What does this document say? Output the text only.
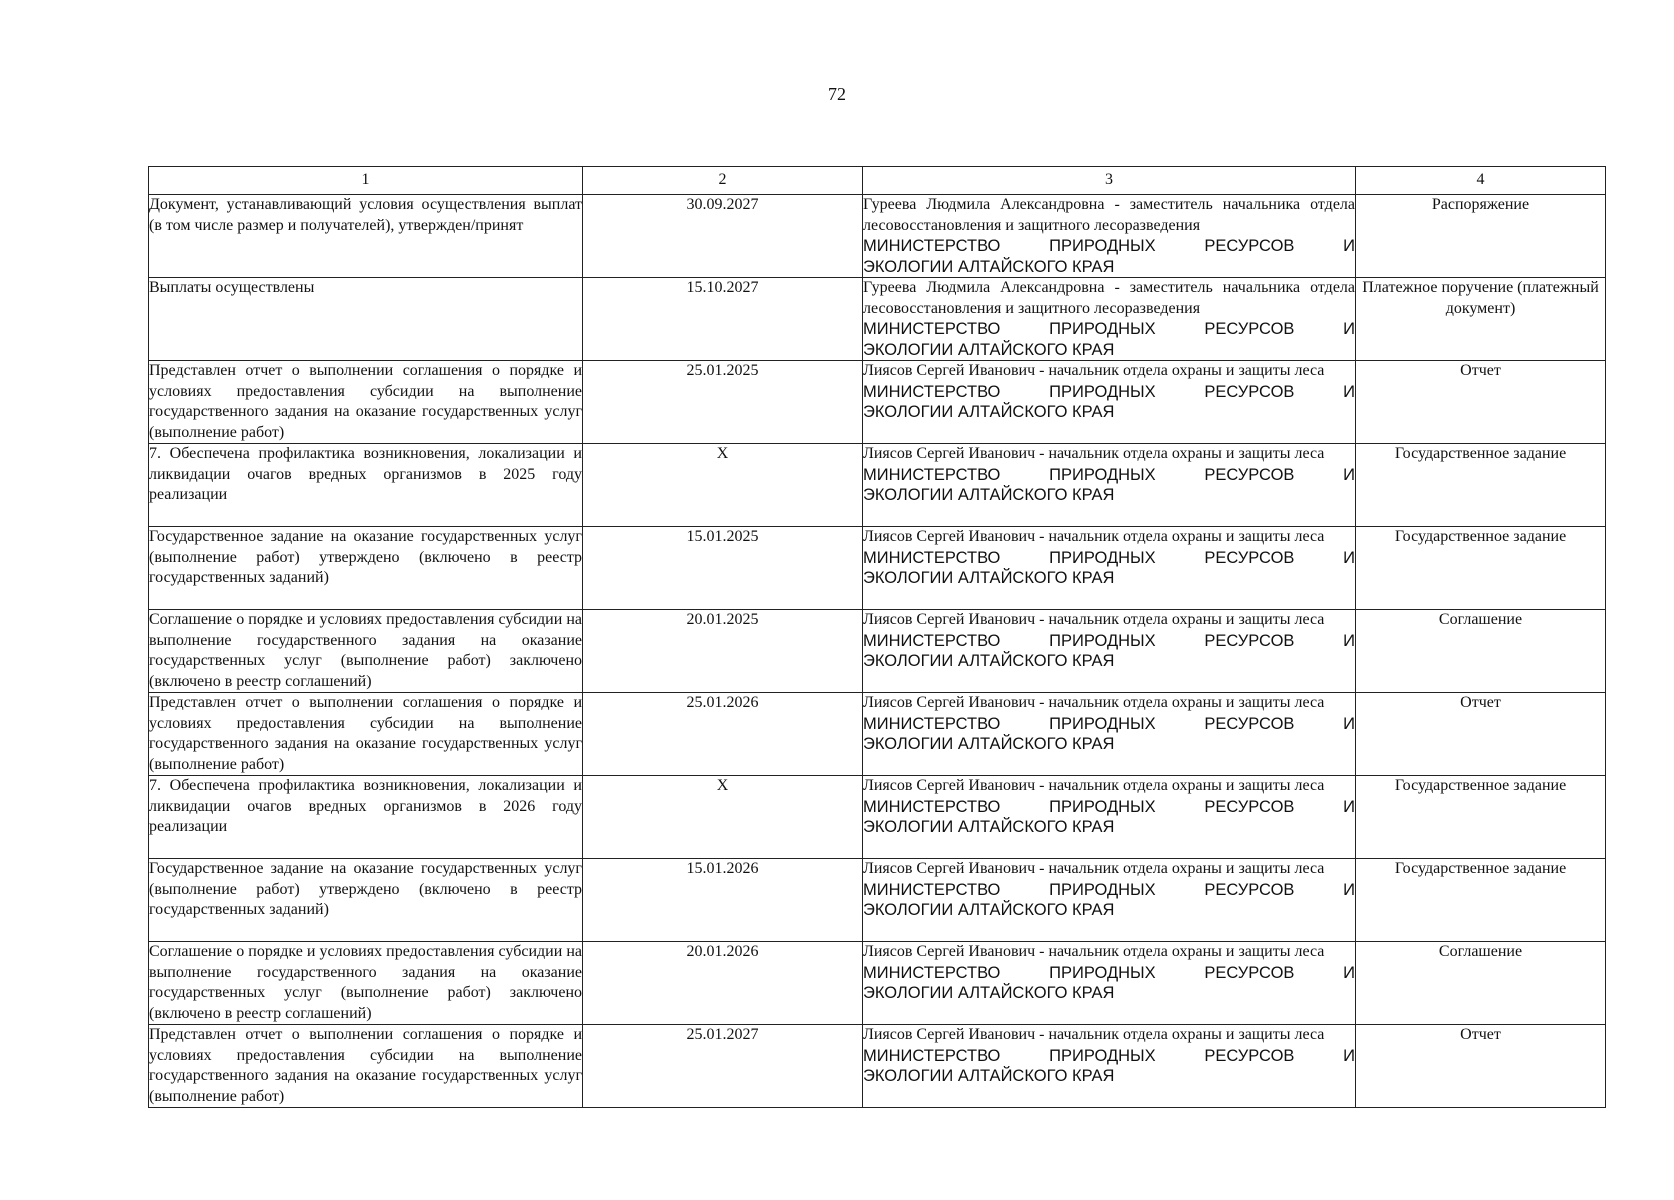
72
1	2	3	4
Документ, устанавливающий условия осуществления выплат (в том числе размер и получателей), утвержден/принят	30.09.2027	Гуреева Людмила Александровна - заместитель начальника отдела лесовосстановления и защитного лесоразведения
МИНИСТЕРСТВО ПРИРОДНЫХ РЕСУРСОВ И
ЭКОЛОГИИ АЛТАЙСКОГО КРАЯ	Распоряжение
Выплаты осуществлены	15.10.2027	Гуреева Людмила Александровна - заместитель начальника отдела лесовосстановления и защитного лесоразведения
МИНИСТЕРСТВО ПРИРОДНЫХ РЕСУРСОВ И
ЭКОЛОГИИ АЛТАЙСКОГО КРАЯ	Платежное поручение (платежный документ)
Представлен отчет о выполнении соглашения о порядке и условиях предоставления субсидии на выполнение государственного задания на оказание государственных услуг (выполнение работ)	25.01.2025	Лиясов Сергей Иванович - начальник отдела охраны и защиты леса
МИНИСТЕРСТВО ПРИРОДНЫХ РЕСУРСОВ И
ЭКОЛОГИИ АЛТАЙСКОГО КРАЯ	Отчет
7. Обеспечена профилактика возникновения, локализации и ликвидации очагов вредных организмов в 2025 году реализации	X	Лиясов Сергей Иванович - начальник отдела охраны и защиты леса
МИНИСТЕРСТВО ПРИРОДНЫХ РЕСУРСОВ И
ЭКОЛОГИИ АЛТАЙСКОГО КРАЯ	Государственное задание
Государственное задание на оказание государственных услуг (выполнение работ) утверждено (включено в реестр государственных заданий)	15.01.2025	Лиясов Сергей Иванович - начальник отдела охраны и защиты леса
МИНИСТЕРСТВО ПРИРОДНЫХ РЕСУРСОВ И
ЭКОЛОГИИ АЛТАЙСКОГО КРАЯ	Государственное задание
Соглашение о порядке и условиях предоставления субсидии на выполнение государственного задания на оказание государственных услуг (выполнение работ) заключено (включено в реестр соглашений)	20.01.2025	Лиясов Сергей Иванович - начальник отдела охраны и защиты леса
МИНИСТЕРСТВО ПРИРОДНЫХ РЕСУРСОВ И
ЭКОЛОГИИ АЛТАЙСКОГО КРАЯ	Соглашение
Представлен отчет о выполнении соглашения о порядке и условиях предоставления субсидии на выполнение государственного задания на оказание государственных услуг (выполнение работ)	25.01.2026	Лиясов Сергей Иванович - начальник отдела охраны и защиты леса
МИНИСТЕРСТВО ПРИРОДНЫХ РЕСУРСОВ И
ЭКОЛОГИИ АЛТАЙСКОГО КРАЯ	Отчет
7. Обеспечена профилактика возникновения, локализации и ликвидации очагов вредных организмов в 2026 году реализации	X	Лиясов Сергей Иванович - начальник отдела охраны и защиты леса
МИНИСТЕРСТВО ПРИРОДНЫХ РЕСУРСОВ И
ЭКОЛОГИИ АЛТАЙСКОГО КРАЯ	Государственное задание
Государственное задание на оказание государственных услуг (выполнение работ) утверждено (включено в реестр государственных заданий)	15.01.2026	Лиясов Сергей Иванович - начальник отдела охраны и защиты леса
МИНИСТЕРСТВО ПРИРОДНЫХ РЕСУРСОВ И
ЭКОЛОГИИ АЛТАЙСКОГО КРАЯ	Государственное задание
Соглашение о порядке и условиях предоставления субсидии на выполнение государственного задания на оказание государственных услуг (выполнение работ) заключено (включено в реестр соглашений)	20.01.2026	Лиясов Сергей Иванович - начальник отдела охраны и защиты леса
МИНИСТЕРСТВО ПРИРОДНЫХ РЕСУРСОВ И
ЭКОЛОГИИ АЛТАЙСКОГО КРАЯ	Соглашение
Представлен отчет о выполнении соглашения о порядке и условиях предоставления субсидии на выполнение государственного задания на оказание государственных услуг (выполнение работ)	25.01.2027	Лиясов Сергей Иванович - начальник отдела охраны и защиты леса
МИНИСТЕРСТВО ПРИРОДНЫХ РЕСУРСОВ И
ЭКОЛОГИИ АЛТАЙСКОГО КРАЯ	Отчет
